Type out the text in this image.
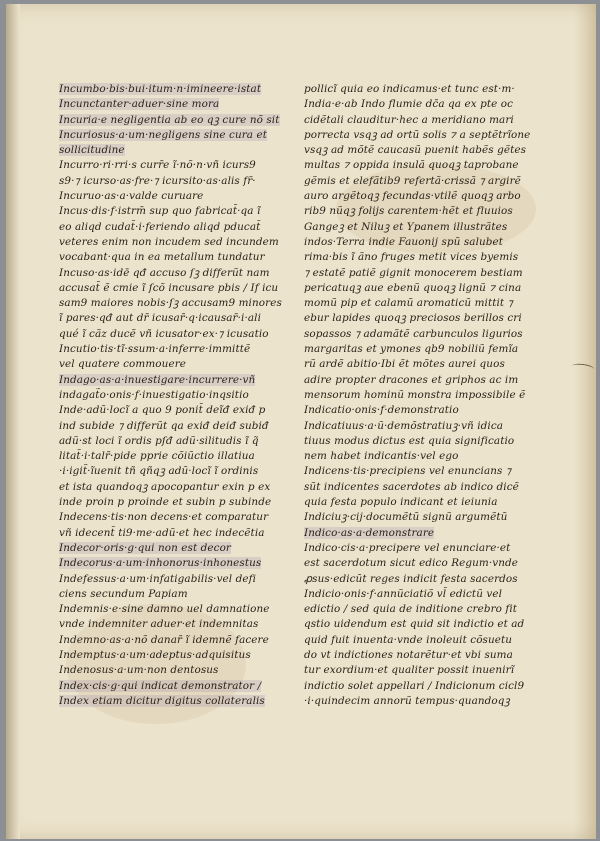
Incumbo·bis·bui·itum·n·imineere·istat
Incunctanter·aduer·sine mora
Incuria·e negligentia ab eo qꝫ cure nõ sit
Incuriosus·a·um·negligens sine cura et
sollicitudine
Incurro·ri·rri·s curr̄e ĩ·nõ·n·vñ icurs9
s9·⁊ icurso·as·fre·⁊ icursito·as·alis fr̄·
Incuruo·as·a·valde curuare
Incus·dis·f·istrm̄ sup quo fabricat̄·qa ĩ
eo aliqd cudat̄·i·feriendo aliqd pducat̄
veteres enim non incudem sed incundem
vocabant·qua in ea metallum tundatur
Incuso·as·idē qđ accuso ſꝫ differũt nam
accusat̄ ẽ cmie ĩ ſcõ incusare pbis / If icu
sam9 maiores nobis·ſꝫ accusam9 minores
ĩ pares·qđ aut dr̄ icusar̄·q·icausar̄·i·ali
qué ĩ cãz ducẽ vñ icusator·ex·⁊ icusatio
Incutio·tis·tĩ·ssum·a·inferre·immittẽ
vel quatere commouere
Indago·as·a·inuestigare·incurrere·vñ
indagat̃o·onis·f·inuestigatio·inqsitio
Inde·adũ·locĩ a quo 9 ponit̄ deĩđ exiđ p
ind subide ⁊ differũt qa exiđ deiđ subiđ
adũ·st loci ĩ ordis pſđ adũ·silitudis ĩ q̃
litat̄·i·talr̄·pide pprie cõiũctio illatiua
·i·igit̃·ĩuenit tñ qñqꝫ adũ·locĩ ĩ ordinis
et ista quandoqꝫ apocopantur exin p ex
inde proin p proinde et subin p subinde
Indecens·tis·non decens·et comparatur
vñ idecent̄ ti9·me·adũ·et hec indecẽtia
Indecor·oris·g·qui non est decor
Indecorus·a·um·inhonorus·inhonestus
Indefessus·a·um·infatigabilis·vel defi
ciens secundum Papiam
Indemnis·e·sine damno uel damnatione
vnde indemniter aduer·et indemnitas
Indemno·as·a·nõ danar̄ ĩ idemnẽ facere
Indemptus·a·um·adeptus·adquisitus
Indenosus·a·um·non dentosus
Index·cis·g·qui indicat demonstrator /
Index etiam dicitur digitus collateralis
pollicĩ quia eo indicamus·et tunc est·m·
India·e·ab Indo flumie dc̄a qa ex pte oc
cidẽtali clauditur·hec a meridiano mari
porrecta vsqꝫ ad ortũ solis ⁊ a septẽtrĩone
vsqꝫ ad mõtẽ caucasũ puenit habẽs gẽtes
multas ⁊ oppida insulã quoqꝫ taprobane
gẽmis et elefãtib9 refertã·crissã ⁊ argirẽ
auro argẽtoqꝫ fecundas·vtilẽ quoqꝫ arbo
rib9 nũqꝫ folijs carentem·hẽt et fluuios
Gangeꝫ et Niluꝫ et Ypanem illustrãtes
indos·Terra indie Fauonij spũ salubet
rima·bis ĩ ãno fruges metit vices byemis
⁊ estatẽ patiẽ gignit monocerem bestiam
pericatuqꝫ aue ebenũ quoqꝫ lignũ ⁊ cina
momũ pip et calamũ aromaticũ mittit ⁊
ebur lapides quoqꝫ preciosos berillos cri
sopassos ⁊ adamãtẽ carbunculos ligurios
margaritas et ymones qb9 nobiliũ femĩa
rũ ardẽ abitio·Ibi ẽt mõtes aurei quos
adire propter dracones et griphos ac im
mensorum hominũ monstra impossibile ẽ
Indicatio·onis·f·demonstratio
Indicatiuus·a·ũ·demõstratiuꝫ·vñ idica
tiuus modus dictus est quia significatio
nem habet indicantis·vel ego
Indicens·tis·precipiens vel enuncians ⁊
sũt indicentes sacerdotes ab indico dicẽ
quia festa populo indicant et ieiunia
Indiciuꝫ·cij·documẽtũ signũ argumẽtũ
Indico·as·a·demonstrare
Indico·cis·a·precipere vel enunciare·et
est sacerdotum sicut edico Regum·vnde
ꝓsus·edicũt reges indicit festa sacerdos
Indicio·onis·f·annũciatiõ vl̄ edictũ vel
edictio / sed quia de inditione crebro fit
qstio uidendum est quid sit indictio et ad
quid fuit inuenta·vnde inoleuit cõsuetu
do vt indictiones notarẽtur·et vbi suma
tur exordium·et qualiter possit inuenirĩ
indictio solet appellari / Indicionum cicl9
·i·quindecim annorũ tempus·quandoqꝫ
